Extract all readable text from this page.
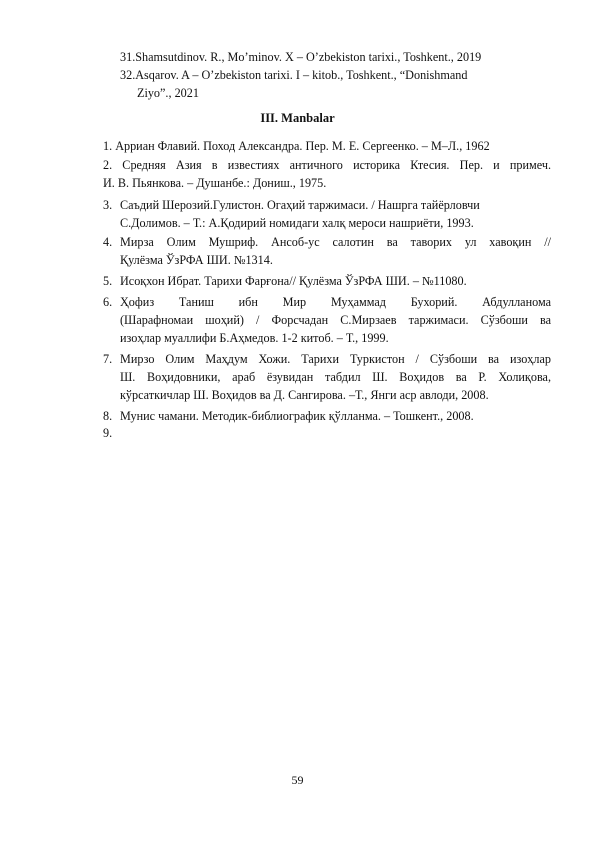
31.Shamsutdinov. R., Mo’minov. X – O’zbekiston tarixi., Toshkent., 2019
32.Asqarov. A – O’zbekiston tarixi. I – kitob., Toshkent., “Donishmand
Ziyo”., 2021
III. Manbalar
1. Арриан Флавий. Поход Александра. Пер. М. Е. Сергеенко. – М–Л., 1962
2. Средняя Азия в известиях античного историка Ктесия. Пер. и примеч.
И. В. Пьянкова. – Душанбе.: Дониш., 1975.
3. Саъдий Шерозий.Гулистон. Огаҳий таржимаси. / Нашрга тайёрловчи
С.Долимов. – Т.: А.Қодирий номидаги халқ мероси нашриёти, 1993.
4. Мирза Олим Мушриф. Ансоб-ус салотин ва таворих ул хавоқин //
Қулёзма ЎзРФА ШИ. №1314.
5. Исоқхон Ибрат. Тарихи Фарғона// Қулёзма ЎзРФА ШИ. – №11080.
6. Ҳофиз Таниш ибн Мир Муҳаммад Бухорий. Абдулланома
(Шарафномаи шоҳий) / Форсчадан С.Мирзаев таржимаси. Сўзбоши ва
изоҳлар муаллифи Б.Аҳмедов. 1-2 китоб. – Т., 1999.
7. Мирзо Олим Маҳдум Хожи. Тарихи Туркистон / Сўзбоши ва изоҳлар
Ш. Воҳидовники, араб ёзувидан табдил Ш. Воҳидов ва Р. Холиқова,
кўрсаткичлар Ш. Воҳидов ва Д. Сангирова. –Т., Янги аср авлоди, 2008.
8. Мунис чамани. Методик-библиографик қўлланма. – Тошкент., 2008.
9.
59
